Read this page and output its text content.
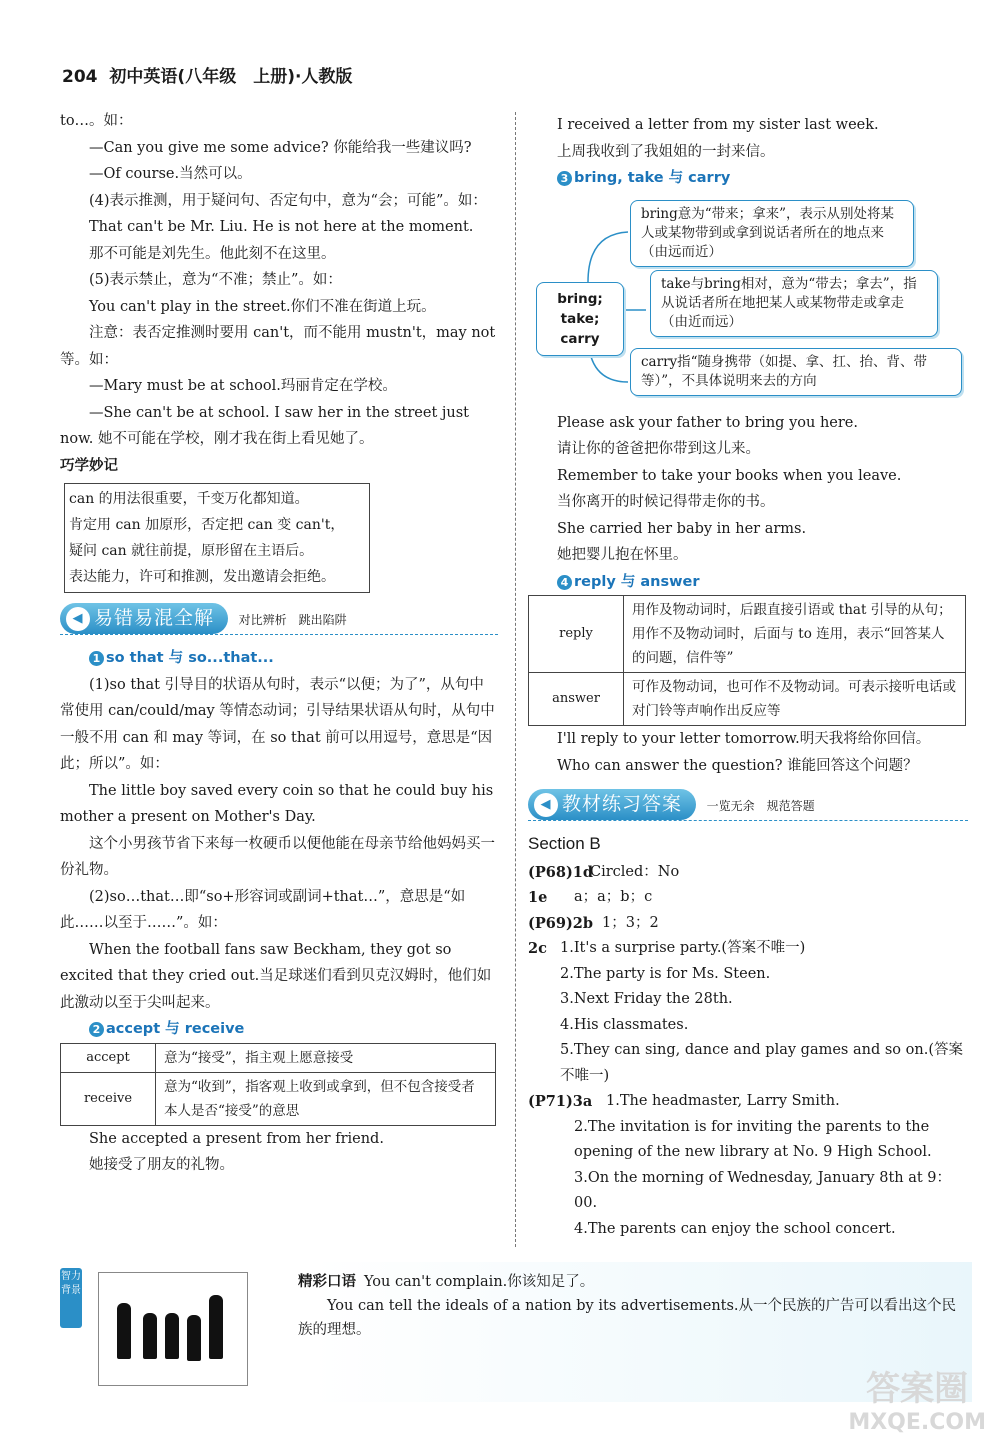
204 初中英语(八年级　上册)·人教版

to…。如：

—Can you give me some advice? 你能给我一些建议吗?

—Of course.当然可以。

(4)表示推测，用于疑问句、否定句中，意为“会；可能”。如：

That can't be Mr. Liu. He is not here at the moment.

那不可能是刘先生。他此刻不在这里。

(5)表示禁止，意为“不准；禁止”。如：

You can't play in the street.你们不准在街道上玩。

注意：表否定推测时要用 can't，而不能用 mustn't，may not 等。如：

—Mary must be at school.玛丽肯定在学校。

—She can't be at school. I saw her in the street just now. 她不可能在学校，刚才我在街上看见她了。

巧学妙记

can 的用法很重要，千变万化都知道。

肯定用 can 加原形，否定把 can 变 can't，

疑问 can 就往前提，原形留在主语后。

表达能力，许可和推测，发出邀请会拒绝。

◀ 易错易混全解 对比辨析　跳出陷阱

1 so that 与 so...that...

(1)so that 引导目的状语从句时，表示“以便；为了”，从句中常使用 can/could/may 等情态动词；引导结果状语从句时，从句中一般不用 can 和 may 等词，在 so that 前可以用逗号，意思是“因此；所以”。如：

The little boy saved every coin so that he could buy his mother a present on Mother's Day.

这个小男孩节省下来每一枚硬币以便他能在母亲节给他妈妈买一份礼物。

(2)so…that…即“so+形容词或副词+that…”，意思是“如此……以至于……”。如：

When the football fans saw Beckham, they got so excited that they cried out.当足球迷们看到贝克汉姆时，他们如此激动以至于尖叫起来。

2 accept 与 receive

accept	意为“接受”，指主观上愿意接受
receive	意为“收到”，指客观上收到或拿到，但不包含接受者本人是否“接受”的意思

She accepted a present from her friend.

她接受了朋友的礼物。

I received a letter from my sister last week.

上周我收到了我姐姐的一封来信。

3 bring, take 与 carry

bring;
take;
carry
bring意为“带来；拿来”，表示从别处将某人或某物带到或拿到说话者所在的地点来（由远而近）
take与bring相对，意为“带去；拿去”，指从说话者所在地把某人或某物带走或拿走（由近而远）
carry指“随身携带（如提、拿、扛、抬、背、带等）”，不具体说明来去的方向

Please ask your father to bring you here.

请让你的爸爸把你带到这儿来。

Remember to take your books when you leave.

当你离开的时候记得带走你的书。

She carried her baby in her arms.

她把婴儿抱在怀里。

4 reply 与 answer

reply	用作及物动词时，后跟直接引语或 that 引导的从句；用作不及物动词时，后面与 to 连用，表示“回答某人的问题，信件等”
answer	可作及物动词，也可作不及物动词。可表示接听电话或对门铃等声响作出反应等

I'll reply to your letter tomorrow.明天我将给你回信。

Who can answer the question? 谁能回答这个问题？

◀ 教材练习答案 一览无余　规范答题

Section B

(P68)1d
Circled：No
1e	a；a；b；c
(P69)2b 1；3；2
2c 1.It's a surprise party.(答案不唯一)
2.The party is for Ms. Steen.
3.Next Friday the 28th.
4.His classmates.
5.They can sing, dance and play games and so on.(答案不唯一)
(P71)3a 1.The headmaster, Larry Smith.
2.The invitation is for inviting the parents to the opening of the new library at No. 9 High School.
3.On the morning of Wednesday, January 8th at 9：00.
4.The parents can enjoy the school concert.
智力背景

精彩口语 You can't complain.你该知足了。

You can tell the ideals of a nation by its advertisements.从一个民族的广告可以看出这个民族的理想。

答案圈
MXQE.COM
